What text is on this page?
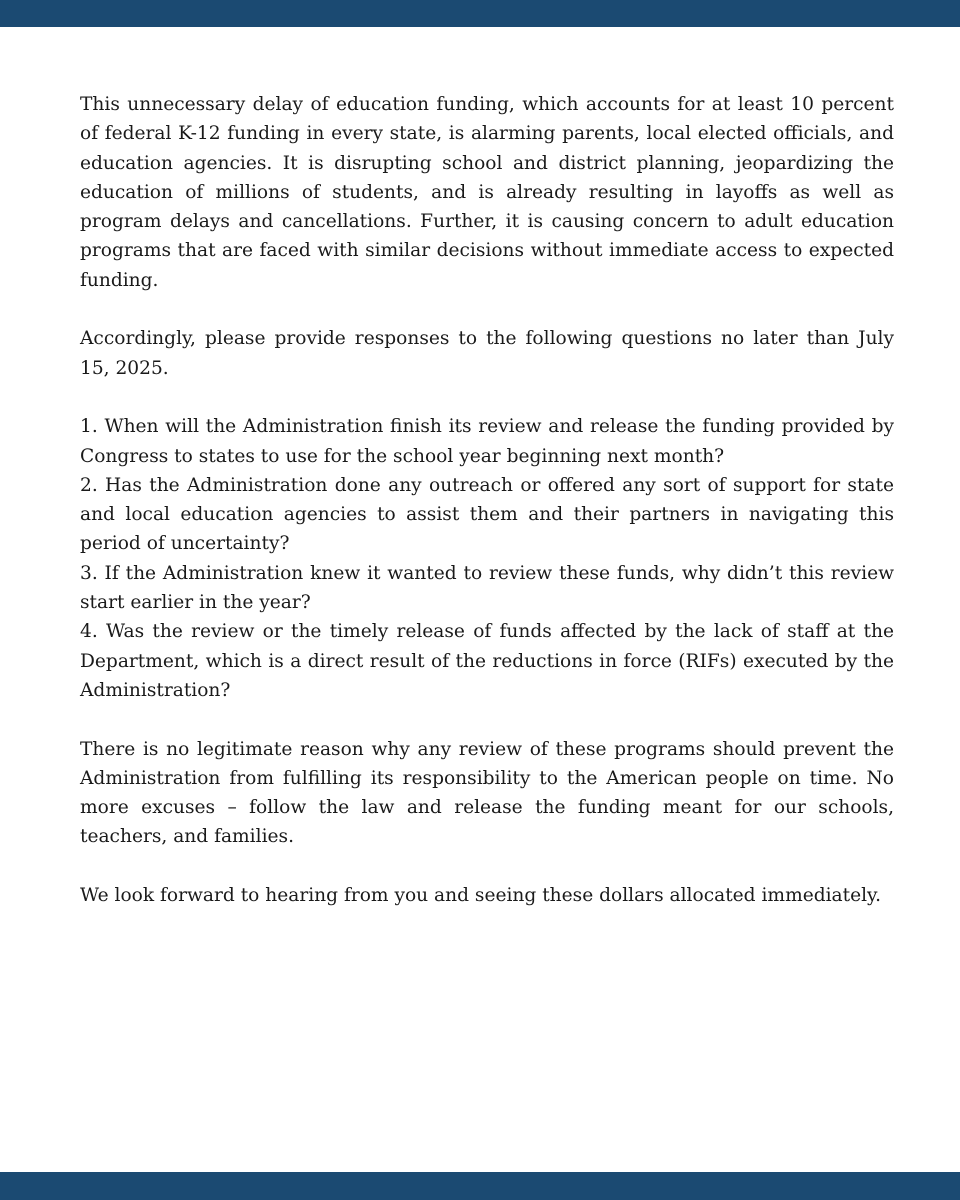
This unnecessary delay of education funding, which accounts for at least 10 percent of federal K-12 funding in every state, is alarming parents, local elected officials, and education agencies. It is disrupting school and district planning, jeopardizing the education of millions of students, and is already resulting in layoffs as well as program delays and cancellations. Further, it is causing concern to adult education programs that are faced with similar decisions without immediate access to expected funding.

Accordingly, please provide responses to the following questions no later than July 15, 2025.

1. When will the Administration finish its review and release the funding provided by Congress to states to use for the school year beginning next month?

2. Has the Administration done any outreach or offered any sort of support for state and local education agencies to assist them and their partners in navigating this period of uncertainty?

3. If the Administration knew it wanted to review these funds, why didn’t this review start earlier in the year?

4. Was the review or the timely release of funds affected by the lack of staff at the Department, which is a direct result of the reductions in force (RIFs) executed by the Administration?

There is no legitimate reason why any review of these programs should prevent the Administration from fulfilling its responsibility to the American people on time. No more excuses – follow the law and release the funding meant for our schools, teachers, and families.

We look forward to hearing from you and seeing these dollars allocated immediately.
